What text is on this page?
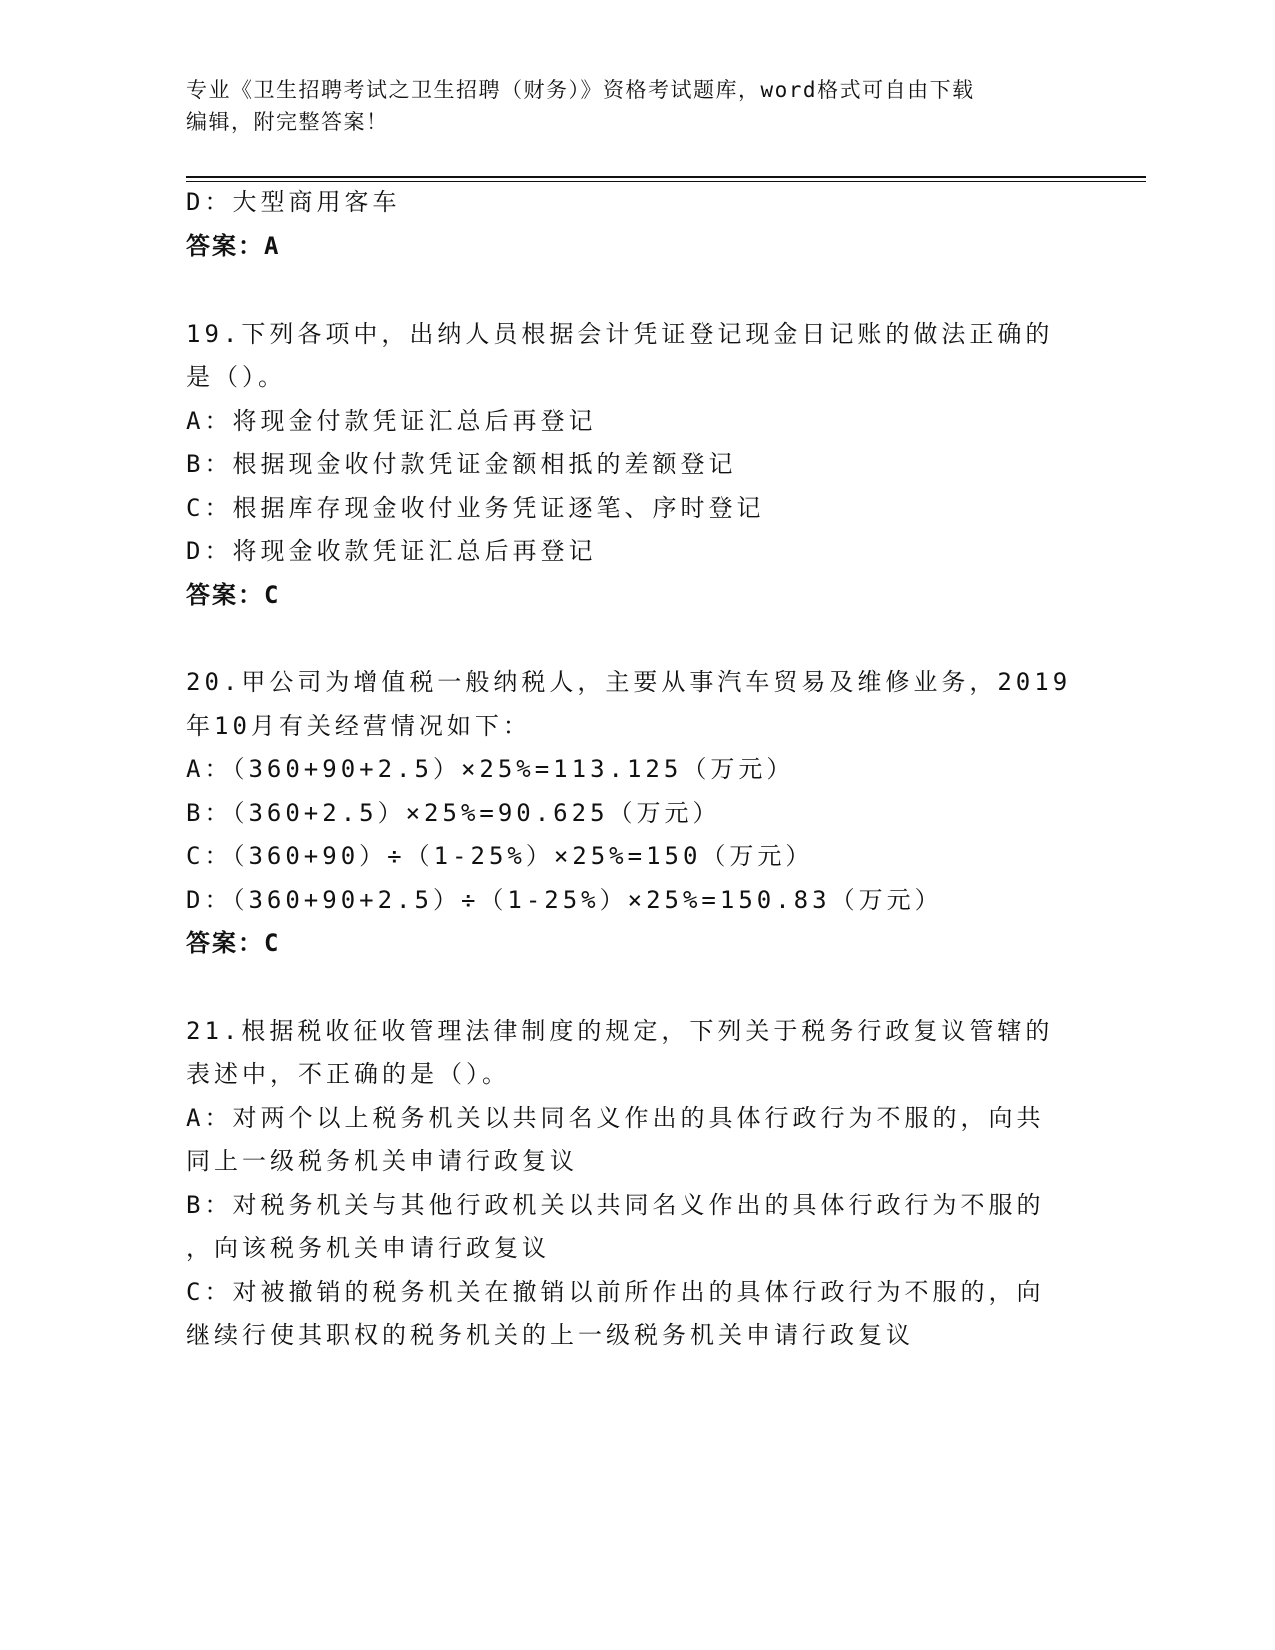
专业《卫生招聘考试之卫生招聘（财务）》资格考试题库，word格式可自由下载
编辑，附完整答案！
D：大型商用客车
答案：A
19.下列各项中，出纳人员根据会计凭证登记现金日记账的做法正确的
是（）。
A：将现金付款凭证汇总后再登记
B：根据现金收付款凭证金额相抵的差额登记
C：根据库存现金收付业务凭证逐笔、序时登记
D：将现金收款凭证汇总后再登记
答案：C
20.甲公司为增值税一般纳税人，主要从事汽车贸易及维修业务，2019
年10月有关经营情况如下：
A：（360+90+2.5）×25%=113.125（万元）
B：（360+2.5）×25%=90.625（万元）
C：（360+90）÷（1-25%）×25%=150（万元）
D：（360+90+2.5）÷（1-25%）×25%=150.83（万元）
答案：C
21.根据税收征收管理法律制度的规定，下列关于税务行政复议管辖的
表述中，不正确的是（）。
A：对两个以上税务机关以共同名义作出的具体行政行为不服的，向共
同上一级税务机关申请行政复议
B：对税务机关与其他行政机关以共同名义作出的具体行政行为不服的
，向该税务机关申请行政复议
C：对被撤销的税务机关在撤销以前所作出的具体行政行为不服的，向
继续行使其职权的税务机关的上一级税务机关申请行政复议
